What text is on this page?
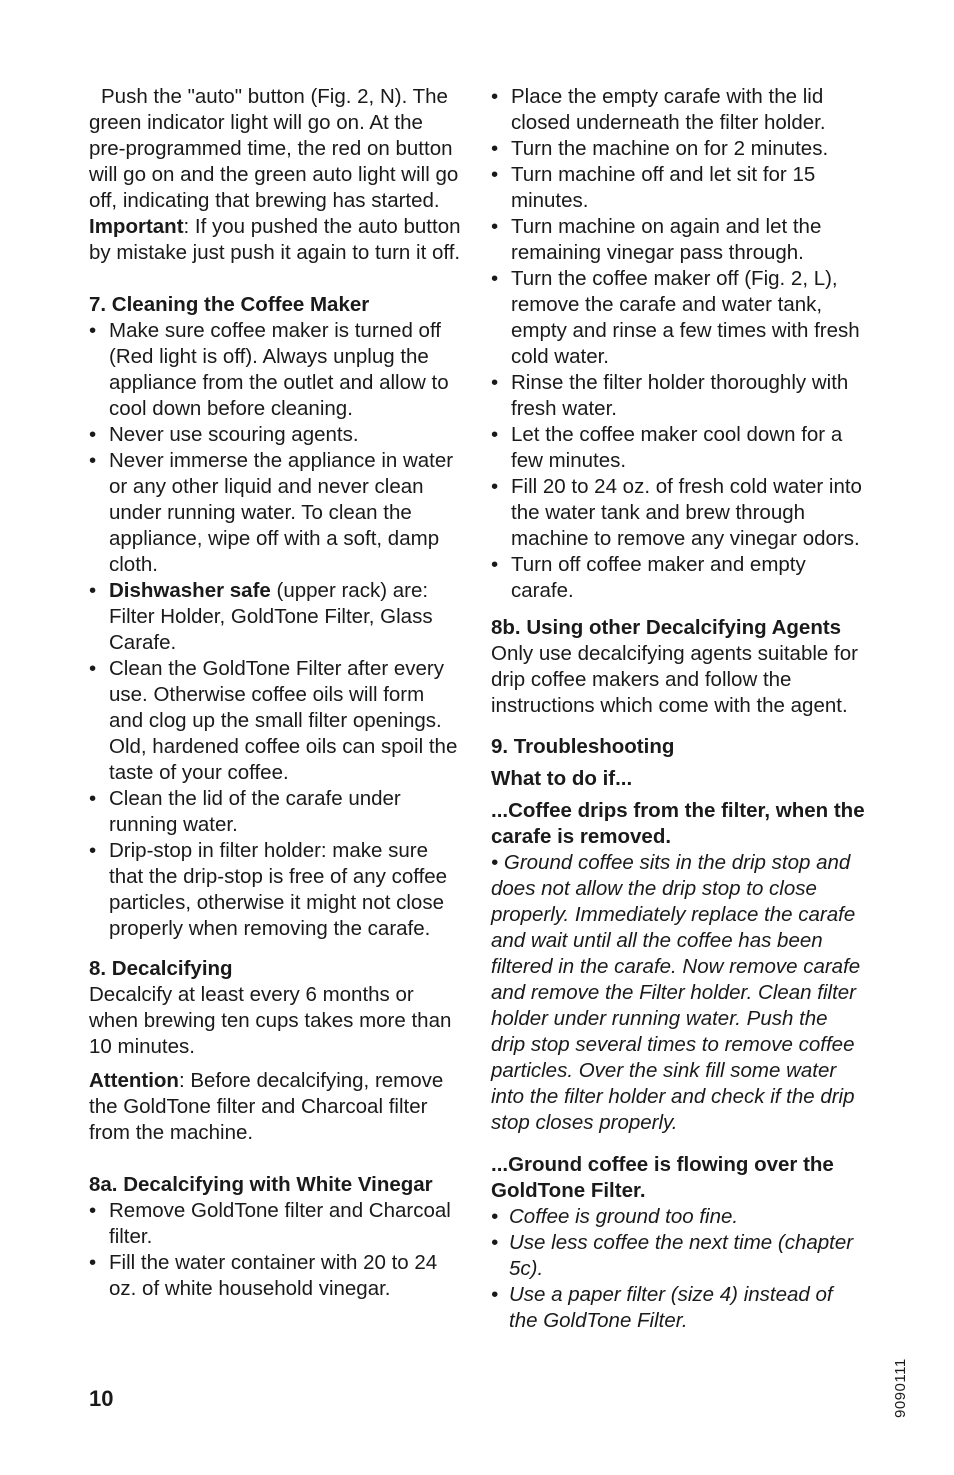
Push the "auto" button (Fig. 2, N). The green indicator light will go on. At the pre-programmed time, the red on button will go on and the green auto light will go off, indicating that brewing has started.

Important: If you pushed the auto button by mistake just push it again to turn it off.

7. Cleaning the Coffee Maker

• Make sure coffee maker is turned off (Red light is off). Always unplug the appliance from the outlet and allow to cool down before cleaning.
• Never use scouring agents.
• Never immerse the appliance in water or any other liquid and never clean under running water. To clean the appliance, wipe off with a soft, damp cloth.
• Dishwasher safe (upper rack) are: Filter Holder, GoldTone Filter, Glass Carafe.
• Clean the GoldTone Filter after every use. Otherwise coffee oils will form and clog up the small filter openings. Old, hardened coffee oils can spoil the taste of your coffee.
• Clean the lid of the carafe under running water.
• Drip-stop in filter holder: make sure that the drip-stop is free of any coffee particles, otherwise it might not close properly when removing the carafe.

8. Decalcifying

Decalcify at least every 6 months or when brewing ten cups takes more than 10 minutes.

Attention: Before decalcifying, remove the GoldTone filter and Charcoal filter from the machine.

8a. Decalcifying with White Vinegar

• Remove GoldTone filter and Charcoal filter.
• Fill the water container with 20 to 24 oz. of white household vinegar.
• Place the empty carafe with the lid closed underneath the filter holder.
• Turn the machine on for 2 minutes.
• Turn machine off and let sit for 15 minutes.
• Turn machine on again and let the remaining vinegar pass through.
• Turn the coffee maker off (Fig. 2, L), remove the carafe and water tank, empty and rinse a few times with fresh cold water.
• Rinse the filter holder thoroughly with fresh water.
• Let the coffee maker cool down for a few minutes.
• Fill 20 to 24 oz. of fresh cold water into the water tank and brew through machine to remove any vinegar odors.
• Turn off coffee maker and empty carafe.

8b. Using other Decalcifying Agents

Only use decalcifying agents suitable for drip coffee makers and follow the instructions which come with the agent.

9. Troubleshooting

What to do if...

...Coffee drips from the filter, when the carafe is removed.

• Ground coffee sits in the drip stop and does not allow the drip stop to close properly. Immediately replace the carafe and wait until all the coffee has been filtered in the carafe. Now remove carafe and remove the Filter holder. Clean filter holder under running water. Push the drip stop several times to remove coffee particles. Over the sink fill some water into the filter holder and check if the drip stop closes properly.

...Ground coffee is flowing over the GoldTone Filter.

• Coffee is ground too fine.
• Use less coffee the next time (chapter 5c).
• Use a paper filter (size 4) instead of the GoldTone Filter.
10	9090111
